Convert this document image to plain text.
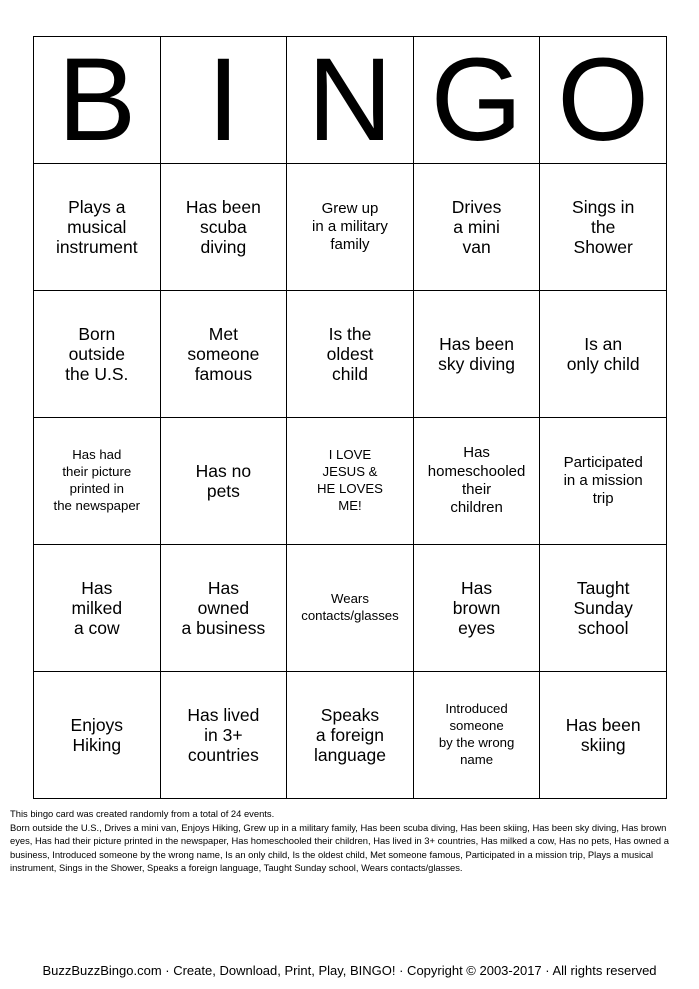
B	I	N	G	O

Plays a
musical
instrument	Has been
scuba
diving	Grew up
in a military
family	Drives
a mini
van	Sings in
the
Shower

Born
outside
the U.S.	Met
someone
famous	Is the
oldest
child	Has been
sky diving	Is an
only child

Has had
their picture
printed in
the newspaper	Has no
pets	I LOVE
JESUS &
HE LOVES
ME!	Has
homeschooled
their
children	Participated
in a mission
trip

Has
milked
a cow	Has
owned
a business	Wears
contacts/glasses	Has
brown
eyes	Taught
Sunday
school

Enjoys
Hiking	Has lived
in 3+
countries	Speaks
a foreign
language	Introduced
someone
by the wrong
name	Has been
skiing

This bingo card was created randomly from a total of 24 events.

Born outside the U.S., Drives a mini van, Enjoys Hiking, Grew up in a military family, Has been scuba diving, Has been skiing, Has been sky diving, Has brown eyes, Has had their picture printed in the newspaper, Has homeschooled their children, Has lived in 3+ countries, Has milked a cow, Has no pets, Has owned a business, Introduced someone by the wrong name, Is an only child, Is the oldest child, Met someone famous, Participated in a mission trip, Plays a musical instrument, Sings in the Shower, Speaks a foreign language, Taught Sunday school, Wears contacts/glasses.

BuzzBuzzBingo.com · Create, Download, Print, Play, BINGO! · Copyright © 2003-2017 · All rights reserved
